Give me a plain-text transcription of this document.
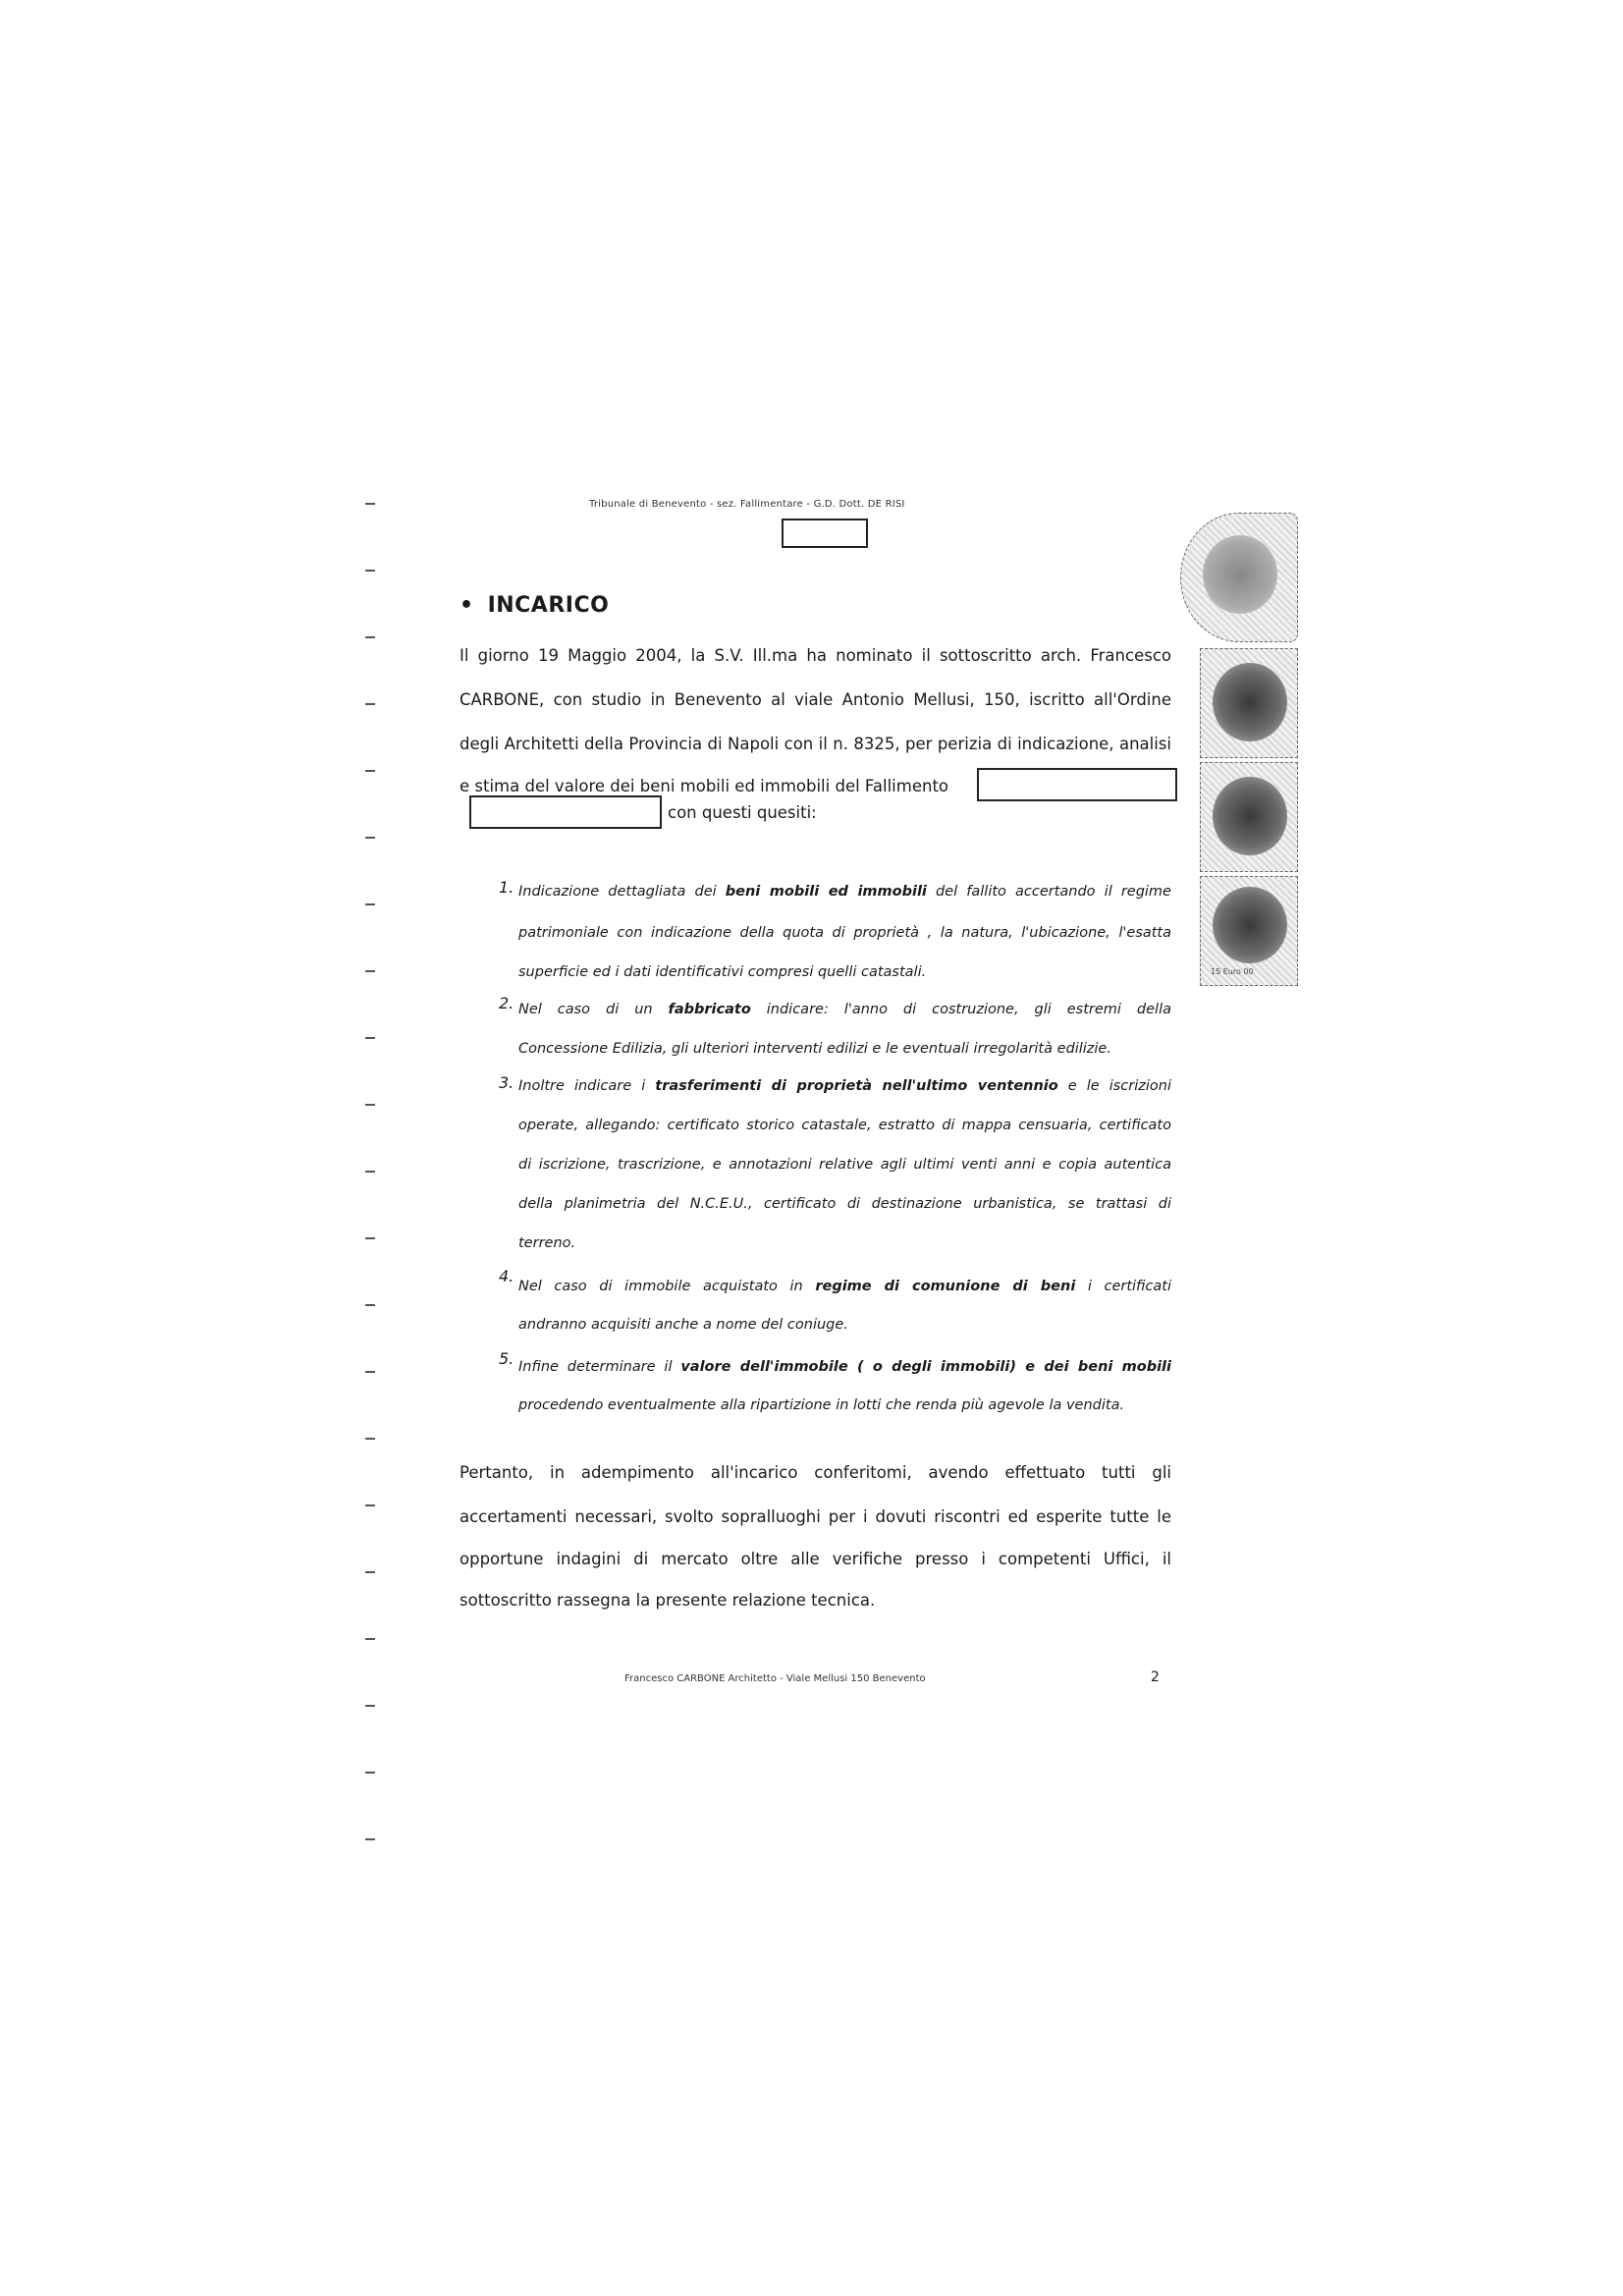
Tribunale di Benevento - sez. Fallimentare - G.D. Dott. DE RISI
15 Euro 00
• INCARICO
Il giorno 19 Maggio 2004, la S.V. Ill.ma ha nominato il sottoscritto arch. Francesco
CARBONE, con studio in Benevento al viale Antonio Mellusi, 150, iscritto all'Ordine
degli Architetti della Provincia di Napoli con il n. 8325, per perizia di indicazione, analisi
e stima del valore dei beni mobili ed immobili del Fallimento
con questi quesiti:
1. Indicazione dettagliata dei beni mobili ed immobili del fallito accertando il regime
patrimoniale con indicazione della quota di proprietà , la natura, l'ubicazione, l'esatta
superficie ed i dati identificativi compresi quelli catastali.
2. Nel caso di un fabbricato indicare: l'anno di costruzione, gli estremi della
Concessione Edilizia, gli ulteriori interventi edilizi e le eventuali irregolarità edilizie.
3. Inoltre indicare i trasferimenti di proprietà nell'ultimo ventennio e le iscrizioni
operate, allegando: certificato storico catastale, estratto di mappa censuaria, certificato
di iscrizione, trascrizione, e annotazioni relative agli ultimi venti anni e copia autentica
della planimetria del N.C.E.U., certificato di destinazione urbanistica, se trattasi di
terreno.
4.
Nel caso di immobile acquistato in regime di comunione di beni i certificati
andranno acquisiti anche a nome del coniuge.
5. Infine determinare il valore dell'immobile ( o degli immobili) e dei beni mobili
procedendo eventualmente alla ripartizione in lotti che renda più agevole la vendita.
Pertanto, in adempimento all'incarico conferitomi, avendo effettuato tutti gli
accertamenti necessari, svolto sopralluoghi per i dovuti riscontri ed esperite tutte le
opportune indagini di mercato oltre alle verifiche presso i competenti Uffici, il
sottoscritto rassegna la presente relazione tecnica.
Francesco CARBONE Architetto - Viale Mellusi 150 Benevento	2
